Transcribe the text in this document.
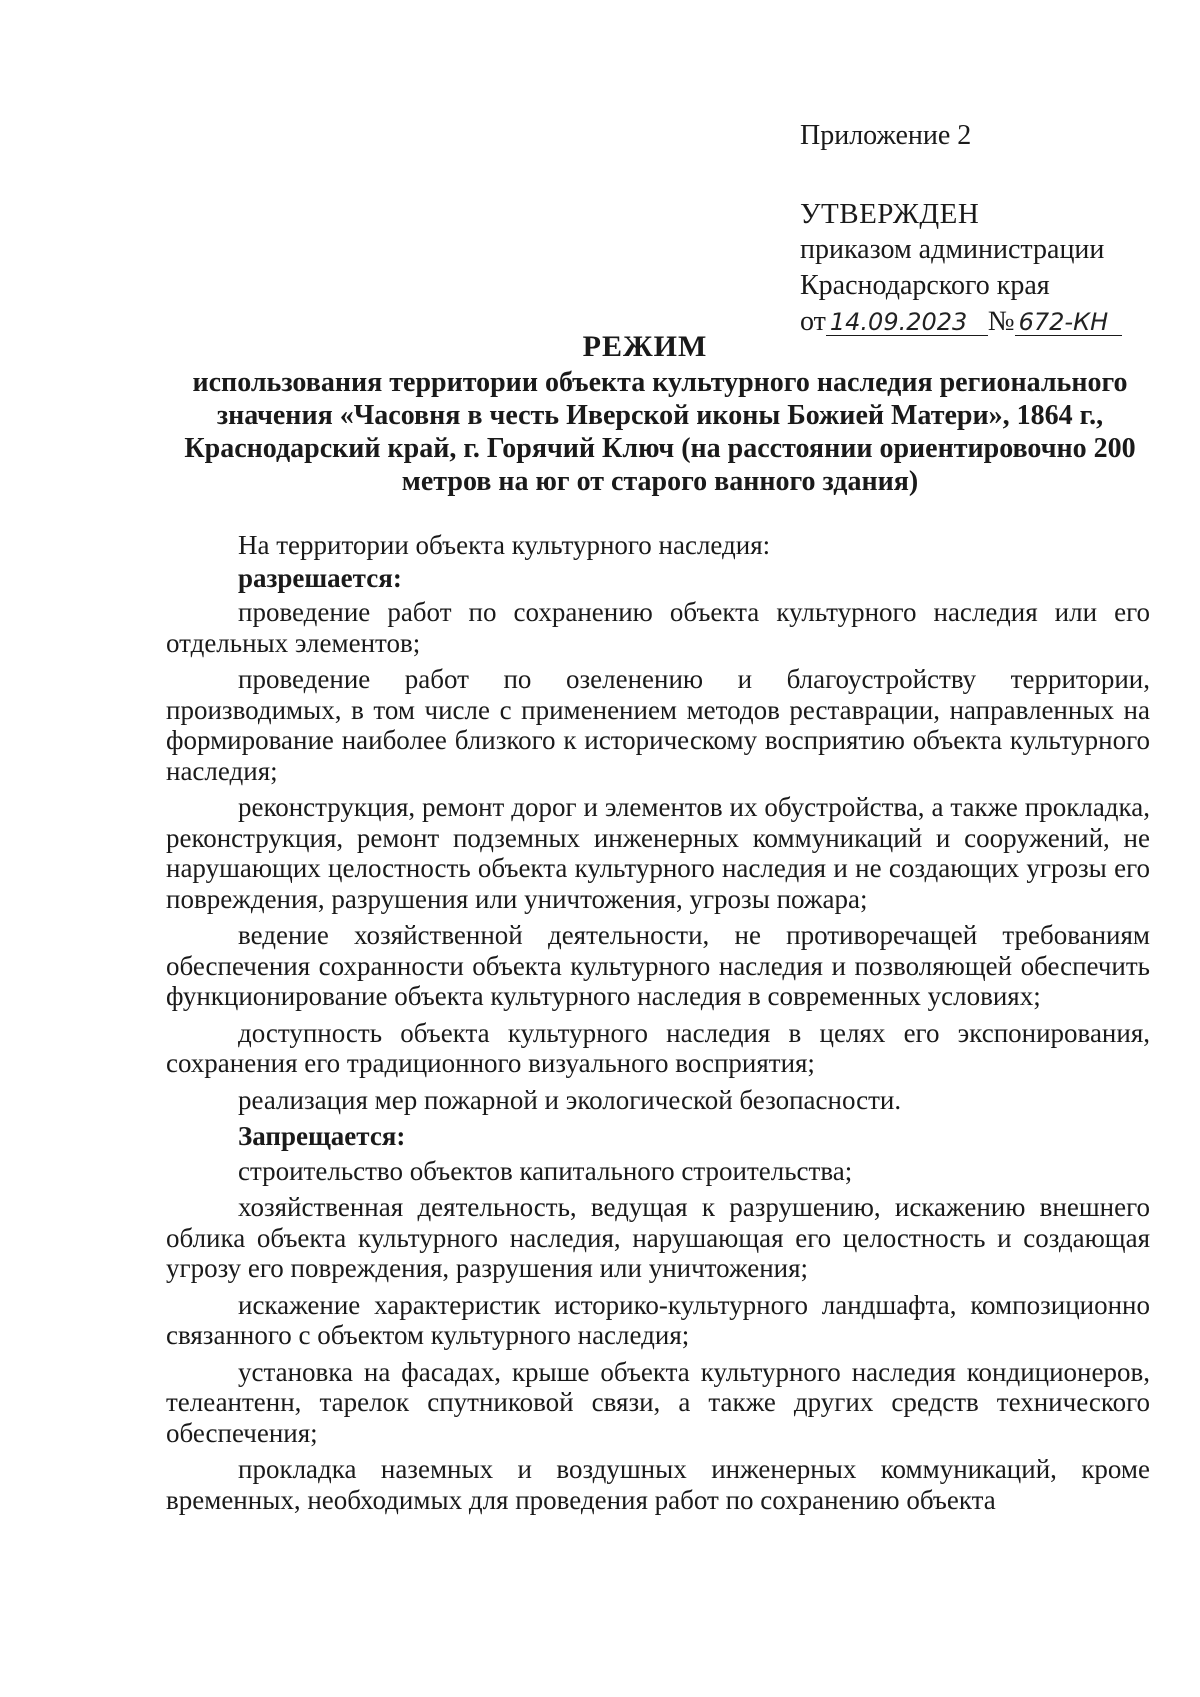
Приложение 2
УТВЕРЖДЕН
приказом администрации
Краснодарского края
от 14.09.2023 № 672-КН
РЕЖИМ
использования территории объекта культурного наследия регионального значения «Часовня в честь Иверской иконы Божией Матери», 1864 г., Краснодарский край, г. Горячий Ключ (на расстоянии ориентировочно 200 метров на юг от старого ванного здания)

На территории объекта культурного наследия:

разрешается:

проведение работ по сохранению объекта культурного наследия или его отдельных элементов;

проведение работ по озеленению и благоустройству территории, производимых, в том числе с применением методов реставрации, направленных на формирование наиболее близкого к историческому восприятию объекта культурного наследия;

реконструкция, ремонт дорог и элементов их обустройства, а также прокладка, реконструкция, ремонт подземных инженерных коммуникаций и сооружений, не нарушающих целостность объекта культурного наследия и не создающих угрозы его повреждения, разрушения или уничтожения, угрозы пожара;

ведение хозяйственной деятельности, не противоречащей требованиям обеспечения сохранности объекта культурного наследия и позволяющей обеспечить функционирование объекта культурного наследия в современных условиях;

доступность объекта культурного наследия в целях его экспонирования, сохранения его традиционного визуального восприятия;

реализация мер пожарной и экологической безопасности.

Запрещается:

строительство объектов капитального строительства;

хозяйственная деятельность, ведущая к разрушению, искажению внешнего облика объекта культурного наследия, нарушающая его целостность и создающая угрозу его повреждения, разрушения или уничтожения;

искажение характеристик историко-культурного ландшафта, композиционно связанного с объектом культурного наследия;

установка на фасадах, крыше объекта культурного наследия кондиционеров, телеантенн, тарелок спутниковой связи, а также других средств технического обеспечения;

прокладка наземных и воздушных инженерных коммуникаций, кроме временных, необходимых для проведения работ по сохранению объекта
